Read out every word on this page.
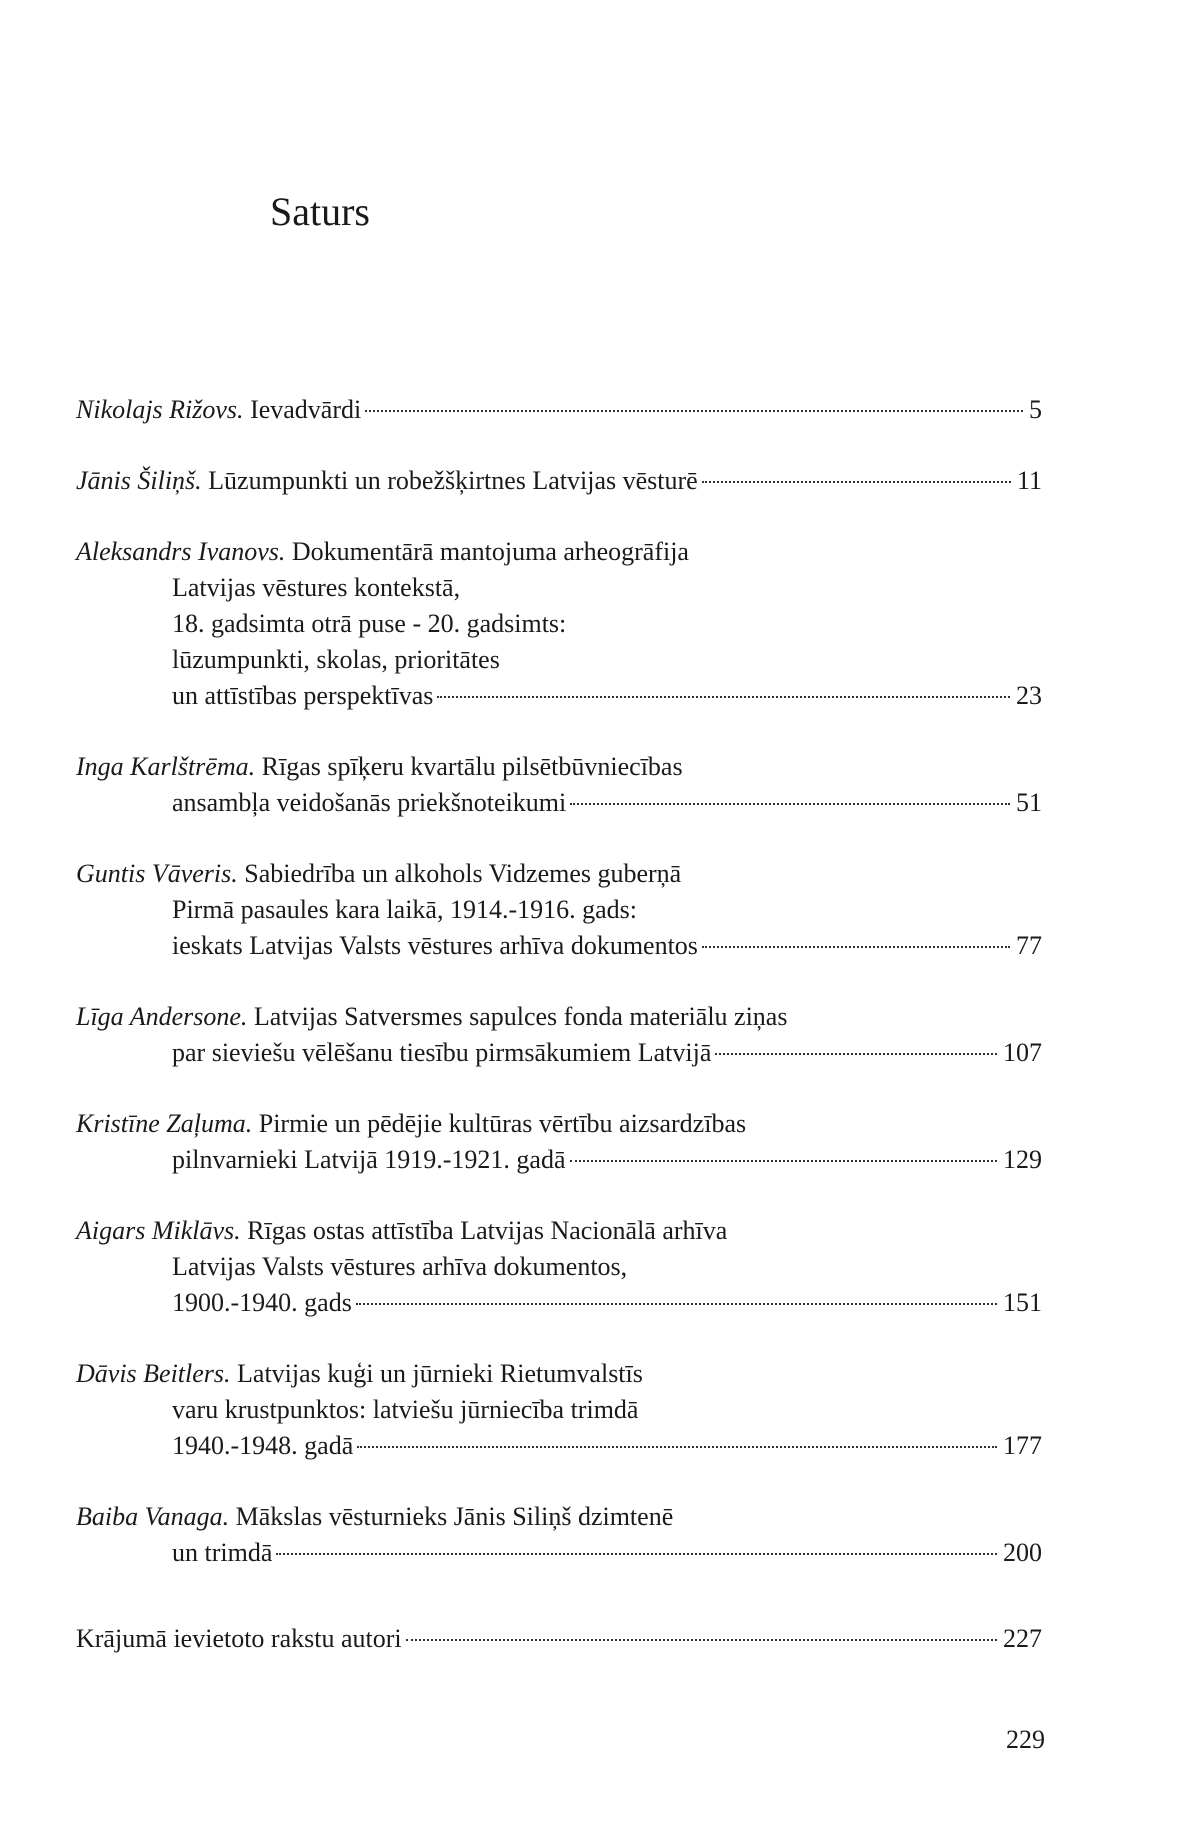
Saturs
Nikolajs Rižovs. Ievadvārdi	5
Jānis Šiliņš. Lūzumpunkti un robežšķirtnes Latvijas vēsturē	11
Aleksandrs Ivanovs. Dokumentārā mantojuma arheogrāfija
Latvijas vēstures kontekstā,
18. gadsimta otrā puse - 20. gadsimts:
lūzumpunkti, skolas, prioritātes
un attīstības perspektīvas	23
Inga Karlštrēma. Rīgas spīķeru kvartālu pilsētbūvniecības
ansambļa veidošanās priekšnoteikumi	51
Guntis Vāveris. Sabiedrība un alkohols Vidzemes guberņā
Pirmā pasaules kara laikā, 1914.-1916. gads:
ieskats Latvijas Valsts vēstures arhīva dokumentos	77
Līga Andersone. Latvijas Satversmes sapulces fonda materiālu ziņas
par sieviešu vēlēšanu tiesību pirmsākumiem Latvijā	107
Kristīne Zaļuma. Pirmie un pēdējie kultūras vērtību aizsardzības
pilnvarnieki Latvijā 1919.-1921. gadā	129
Aigars Miklāvs. Rīgas ostas attīstība Latvijas Nacionālā arhīva
Latvijas Valsts vēstures arhīva dokumentos,
1900.-1940. gads	151
Dāvis Beitlers. Latvijas kuģi un jūrnieki Rietumvalstīs
varu krustpunktos: latviešu jūrniecība trimdā
1940.-1948. gadā	177
Baiba Vanaga. Mākslas vēsturnieks Jānis Siliņš dzimtenē
un trimdā	200
Krājumā ievietoto rakstu autori	227
229
